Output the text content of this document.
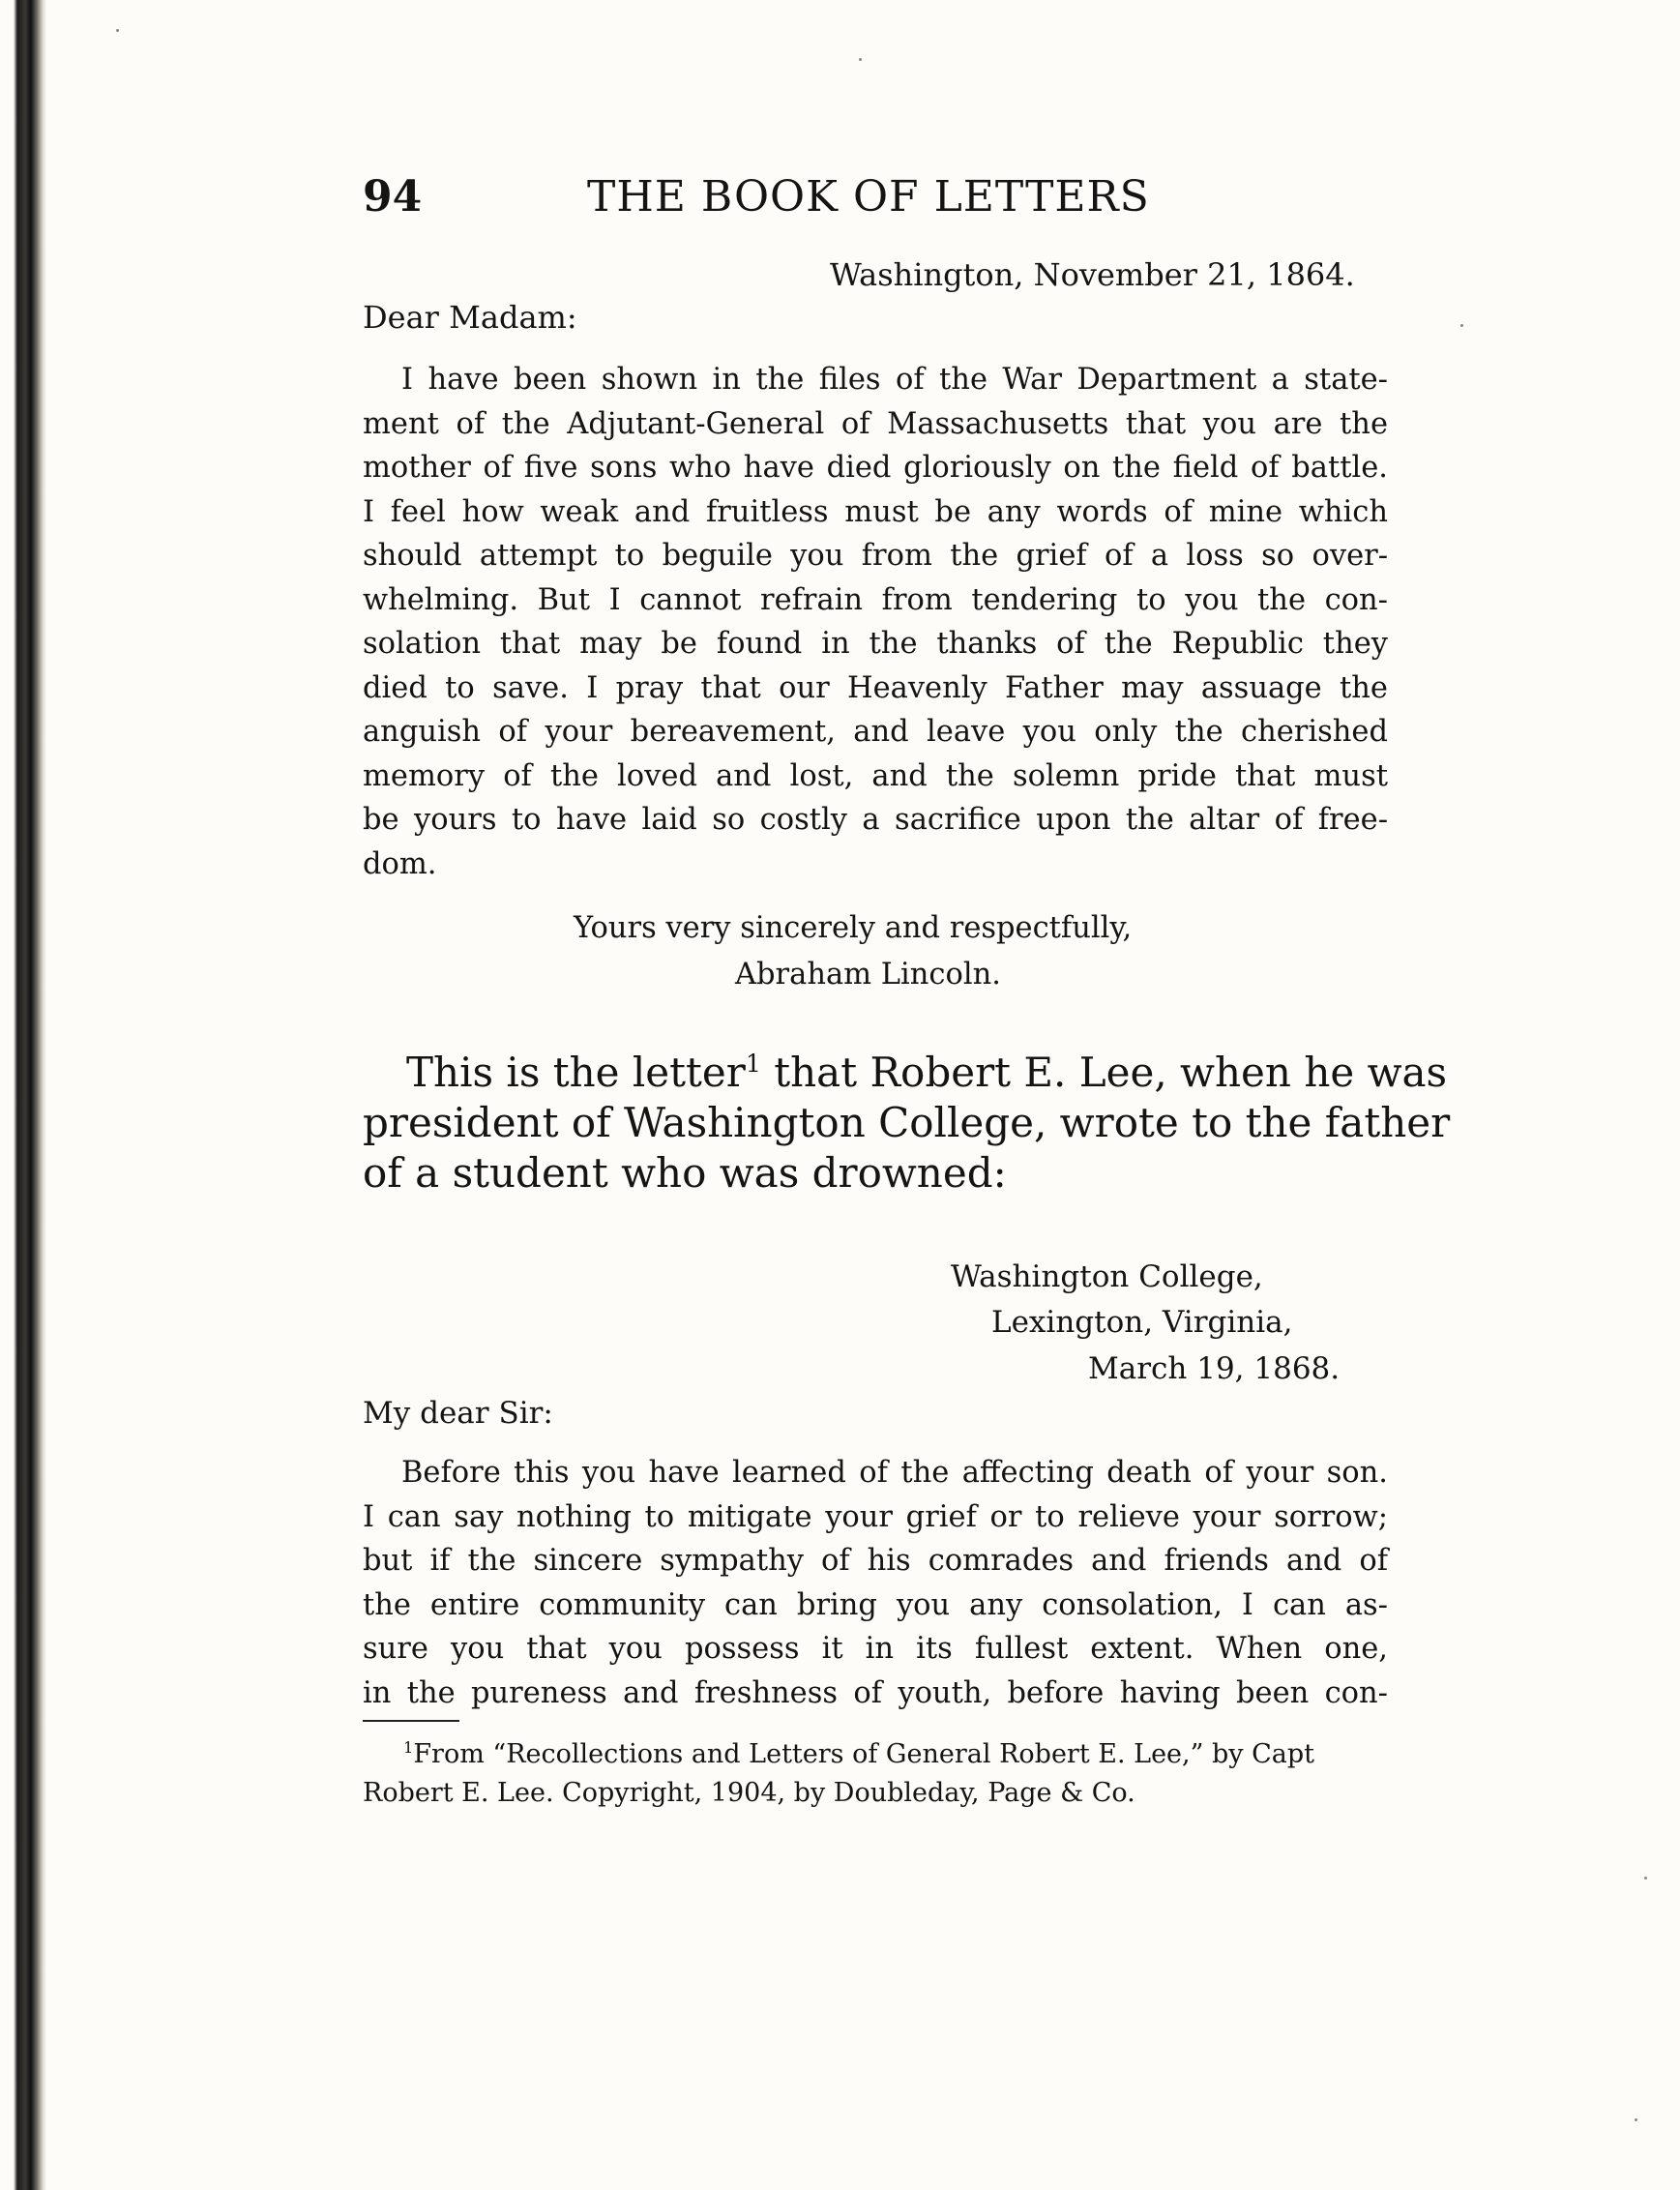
94	THE BOOK OF LETTERS
Washington, November 21, 1864.
Dear Madam:
I have been shown in the files of the War Department a state-
ment of the Adjutant-General of Massachusetts that you are the
mother of five sons who have died gloriously on the field of battle.
I feel how weak and fruitless must be any words of mine which
should attempt to beguile you from the grief of a loss so over-
whelming. But I cannot refrain from tendering to you the con-
solation that may be found in the thanks of the Republic they
died to save. I pray that our Heavenly Father may assuage the
anguish of your bereavement, and leave you only the cherished
memory of the loved and lost, and the solemn pride that must
be yours to have laid so costly a sacrifice upon the altar of free-
dom.
Yours very sincerely and respectfully,
Abraham Lincoln.
This is the letter$^1$ that Robert E. Lee, when he was
president of Washington College, wrote to the father
of a student who was drowned:
Washington College,
Lexington, Virginia,
March 19, 1868.
My dear Sir:
Before this you have learned of the affecting death of your son.
I can say nothing to mitigate your grief or to relieve your sorrow;
but if the sincere sympathy of his comrades and friends and of
the entire community can bring you any consolation, I can as-
sure you that you possess it in its fullest extent. When one,
in the pureness and freshness of youth, before having been con-
$^1$From “Recollections and Letters of General Robert E. Lee,” by Capt
Robert E. Lee. Copyright, 1904, by Doubleday, Page & Co.
